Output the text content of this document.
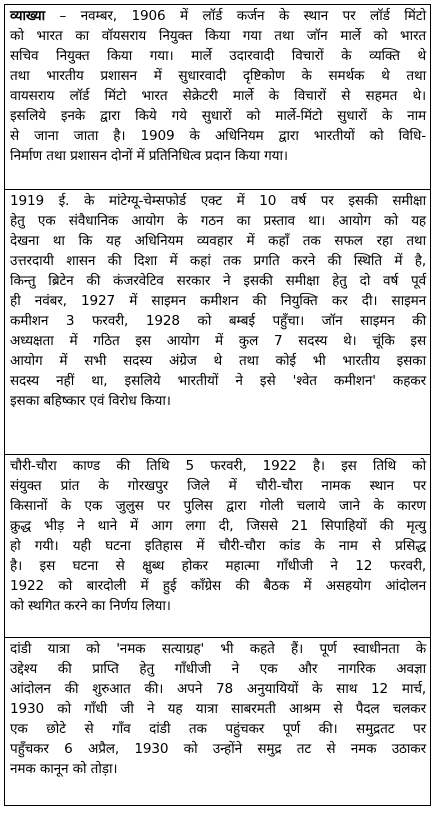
व्याख्या – नवम्बर, 1906 में लॉर्ड कर्जन के स्थान पर लॉर्ड मिंटो
को भारत का वॉयसराय नियुक्त किया गया तथा जॉन मार्ले को भारत
सचिव नियुक्त किया गया। मार्ले उदारवादी विचारों के व्यक्ति थे
तथा भारतीय प्रशासन में सुधारवादी दृष्टिकोण के समर्थक थे तथा
वायसराय लॉर्ड मिंटो भारत सेक्रेटरी मार्ले के विचारों से सहमत थे।
इसलिये इनके द्वारा किये गये सुधारों को मार्ले-मिंटो सुधारों के नाम
से जाना जाता है। 1909 के अधिनियम द्वारा भारतीयों को विधि-
निर्माण तथा प्रशासन दोनों में प्रतिनिधित्व प्रदान किया गया।
1919 ई. के मांटेग्यू-चेम्सफोर्ड एक्ट में 10 वर्ष पर इसकी समीक्षा
हेतु एक संवैधानिक आयोग के गठन का प्रस्ताव था। आयोग को यह
देखना था कि यह अधिनियम व्यवहार में कहाँ तक सफल रहा तथा
उत्तरदायी शासन की दिशा में कहां तक प्रगति करने की स्थिति में है,
किन्तु ब्रिटेन की कंजरवेटिव सरकार ने इसकी समीक्षा हेतु दो वर्ष पूर्व
ही नवंबर, 1927 में साइमन कमीशन की नियुक्ति कर दी। साइमन
कमीशन 3 फरवरी, 1928 को बम्बई पहुँचा। जॉन साइमन की
अध्यक्षता में गठित इस आयोग में कुल 7 सदस्य थे। चूंकि इस
आयोग में सभी सदस्य अंग्रेज थे तथा कोई भी भारतीय इसका
सदस्य नहीं था, इसलिये भारतीयों ने इसे 'श्वेत कमीशन' कहकर
इसका बहिष्कार एवं विरोध किया।
चौरी-चौरा काण्ड की तिथि 5 फरवरी, 1922 है। इस तिथि को
संयुक्त प्रांत के गोरखपुर जिले में चौरी-चौरा नामक स्थान पर
किसानों के एक जुलुस पर पुलिस द्वारा गोली चलाये जाने के कारण
क्रुद्ध भीड़ ने थाने में आग लगा दी, जिससे 21 सिपाहियों की मृत्यु
हो गयी। यही घटना इतिहास में चौरी-चौरा कांड के नाम से प्रसिद्ध
है। इस घटना से क्षुब्ध होकर महात्मा गाँधीजी ने 12 फरवरी,
1922 को बारदोली में हुई कॉंग्रेस की बैठक में असहयोग आंदोलन
को स्थगित करने का निर्णय लिया।
दांडी यात्रा को 'नमक सत्याग्रह' भी कहते हैं। पूर्ण स्वाधीनता के
उद्देश्य की प्राप्ति हेतु गाँधीजी ने एक और नागरिक अवज्ञा
आंदोलन की शुरुआत की। अपने 78 अनुयायियों के साथ 12 मार्च,
1930 को गाँधी जी ने यह यात्रा साबरमती आश्रम से पैदल चलकर
एक छोटे से गाँव दांडी तक पहुंचकर पूर्ण की। समुद्रतट पर
पहुँचकर 6 अप्रैल, 1930 को उन्होंने समुद्र तट से नमक उठाकर
नमक कानून को तोड़ा।
